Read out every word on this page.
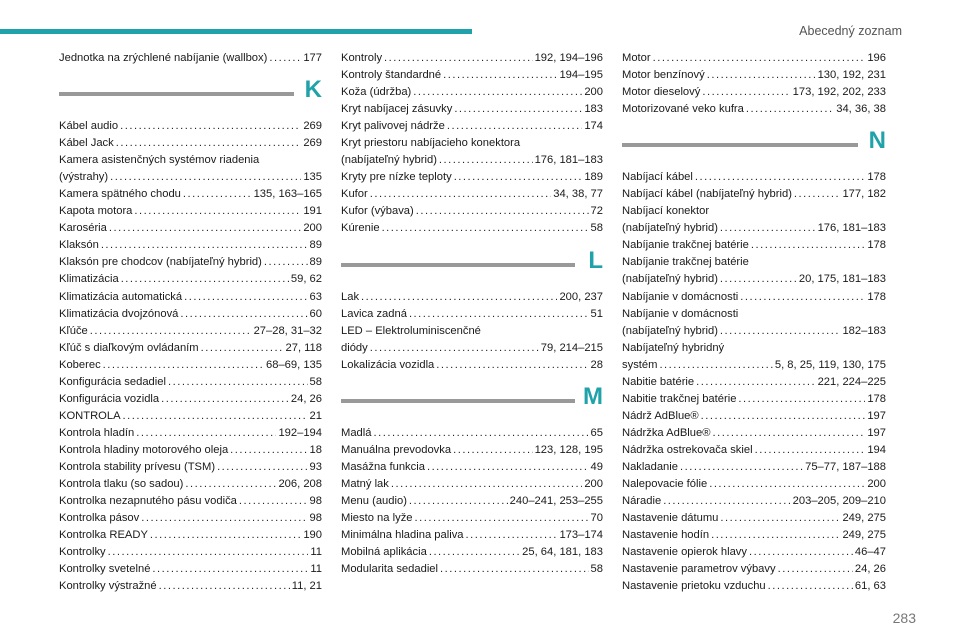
Abecedný zoznam
Jednotka na zrýchlené nabíjanie (wallbox) . . .	177
K
Kábel audio . . .	269
Kábel Jack . . .	269
Kamera asistenčných systémov riadenia
(výstrahy) . . .	135
Kamera spätného chodu . . .	135, 163–165
Kapota motora . . .	191
Karoséria . . .	200
Klaksón . . .	89
Klaksón pre chodcov (nabíjateľný hybrid) . . .	89
Klimatizácia . . .	59, 62
Klimatizácia automatická . . .	63
Klimatizácia dvojzónová . . .	60
Kľúče . . .	27–28, 31–32
Kľúč s diaľkovým ovládaním . . .	27, 118
Koberec . . .	68–69, 135
Konfigurácia sedadiel . . .	58
Konfigurácia vozidla . . .	24, 26
KONTROLA . . .	21
Kontrola hladín . . .	192–194
Kontrola hladiny motorového oleja . . .	18
Kontrola stability prívesu (TSM) . . .	93
Kontrola tlaku (so sadou) . . .	206, 208
Kontrolka nezapnutého pásu vodiča . . .	98
Kontrolka pásov . . .	98
Kontrolka READY . . .	190
Kontrolky . . .	11
Kontrolky svetelné . . .	11
Kontrolky výstražné . . .	11, 21
Kontroly . . .	192, 194–196
Kontroly štandardné . . .	194–195
Koža (údržba) . . .	200
Kryt nabíjacej zásuvky . . .	183
Kryt palivovej nádrže . . .	174
Kryt priestoru nabíjacieho konektora
(nabíjateľný hybrid) . . .	176, 181–183
Kryty pre nízke teploty . . .	189
Kufor . . .	34, 38, 77
Kufor (výbava) . . .	72
Kúrenie . . .	58
L
Lak . . .	200, 237
Lavica zadná . . .	51
LED – Elektroluminiscenčné
diódy . . .	79, 214–215
Lokalizácia vozidla . . .	28
M
Madlá . . .	65
Manuálna prevodovka . . .	123, 128, 195
Masážna funkcia . . .	49
Matný lak . . .	200
Menu (audio) . . .	240–241, 253–255
Miesto na lyže . . .	70
Minimálna hladina paliva . . .	173–174
Mobilná aplikácia . . .	25, 64, 181, 183
Modularita sedadiel . . .	58
Motor . . .	196
Motor benzínový . . .	130, 192, 231
Motor dieselový . . .	173, 192, 202, 233
Motorizované veko kufra . . .	34, 36, 38
N
Nabíjací kábel . . .	178
Nabíjací kábel (nabíjateľný hybrid) . . .	177, 182
Nabíjací konektor
(nabíjateľný hybrid) . . .	176, 181–183
Nabíjanie trakčnej batérie . . .	178
Nabíjanie trakčnej batérie
(nabíjateľný hybrid) . . .	20, 175, 181–183
Nabíjanie v domácnosti . . .	178
Nabíjanie v domácnosti
(nabíjateľný hybrid) . . .	182–183
Nabíjateľný hybridný
systém . . .	5, 8, 25, 119, 130, 175
Nabitie batérie . . .	221, 224–225
Nabitie trakčnej batérie . . .	178
Nádrž AdBlue® . . .	197
Nádržka AdBlue® . . .	197
Nádržka ostrekovača skiel . . .	194
Nakladanie . . .	75–77, 187–188
Nalepovacie fólie . . .	200
Náradie . . .	203–205, 209–210
Nastavenie dátumu . . .	249, 275
Nastavenie hodín . . .	249, 275
Nastavenie opierok hlavy . . .	46–47
Nastavenie parametrov výbavy . . .	24, 26
Nastavenie prietoku vzduchu . . .	61, 63
283
